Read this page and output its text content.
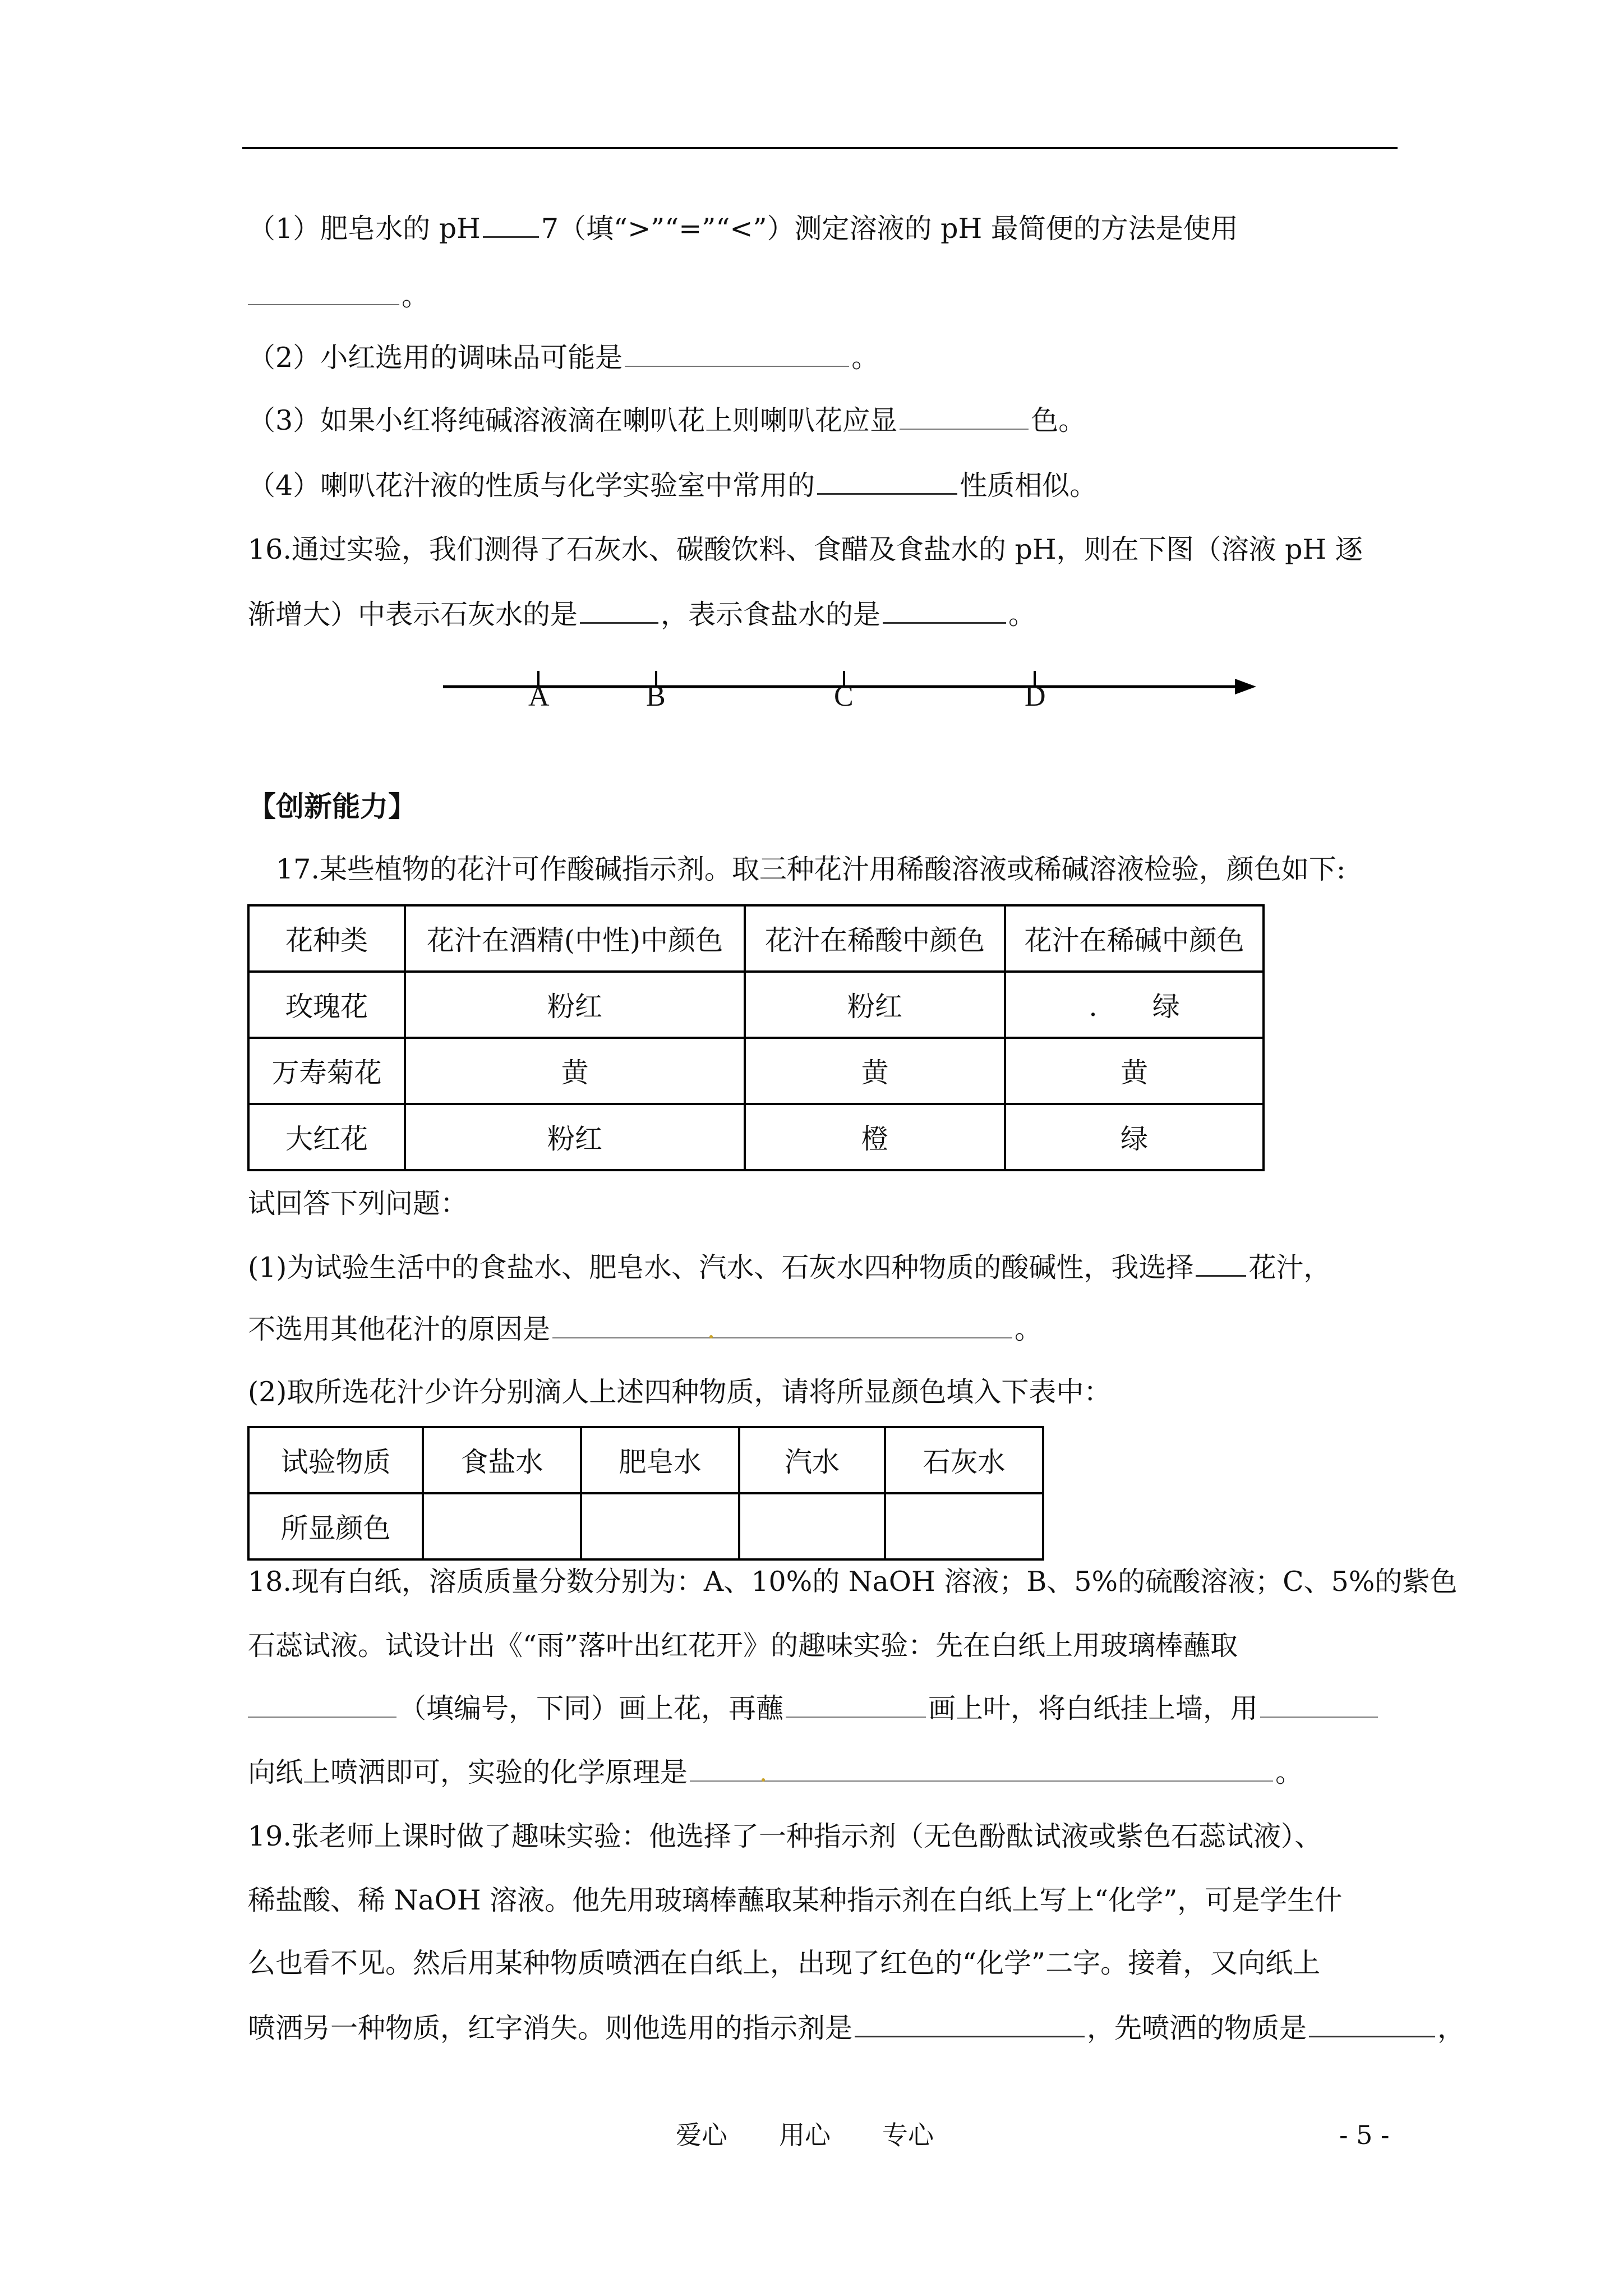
（1）肥皂水的 pH 7（填“>”“=”“<”）测定溶液的 pH 最简便的方法是使用
。
（2）小红选用的调味品可能是	。
（3）如果小红将纯碱溶液滴在喇叭花上则喇叭花应显	色。
（4）喇叭花汁液的性质与化学实验室中常用的	性质相似。
16.通过实验，我们测得了石灰水、碳酸饮料、食醋及食盐水的 pH，则在下图（溶液 pH 逐
渐增大）中表示石灰水的是	，表示食盐水的是	。
A	B	C	D
【创新能力】
17.某些植物的花汁可作酸碱指示剂。取三种花汁用稀酸溶液或稀碱溶液检验，颜色如下:
花种类	花汁在酒精(中性)中颜色	花汁在稀酸中颜色	花汁在稀碱中颜色
玫瑰花	粉红	粉红	.　　绿
万寿菊花	黄	黄	黄
大红花	粉红	橙	绿
试回答下列问题：
(1)为试验生活中的食盐水、肥皂水、汽水、石灰水四种物质的酸碱性，我选择 花汁，
不选用其他花汁的原因是	。
(2)取所选花汁少许分别滴人上述四种物质，请将所显颜色填入下表中：
试验物质	食盐水	肥皂水	汽水	石灰水
所显颜色				
18.现有白纸，溶质质量分数分别为：A、10%的 NaOH 溶液；B、5%的硫酸溶液；C、5%的紫色
石蕊试液。试设计出《“雨”落叶出红花开》的趣味实验：先在白纸上用玻璃棒蘸取
（填编号，下同）画上花，再蘸	画上叶，将白纸挂上墙，用
向纸上喷洒即可，实验的化学原理是	。
19.张老师上课时做了趣味实验：他选择了一种指示剂（无色酚酞试液或紫色石蕊试液）、
稀盐酸、稀 NaOH 溶液。他先用玻璃棒蘸取某种指示剂在白纸上写上“化学”，可是学生什
么也看不见。然后用某种物质喷洒在白纸上，出现了红色的“化学”二字。接着，又向纸上
喷洒另一种物质，红字消失。则他选用的指示剂是	，先喷洒的物质是	，
爱心　　用心　　专心	- 5 -
